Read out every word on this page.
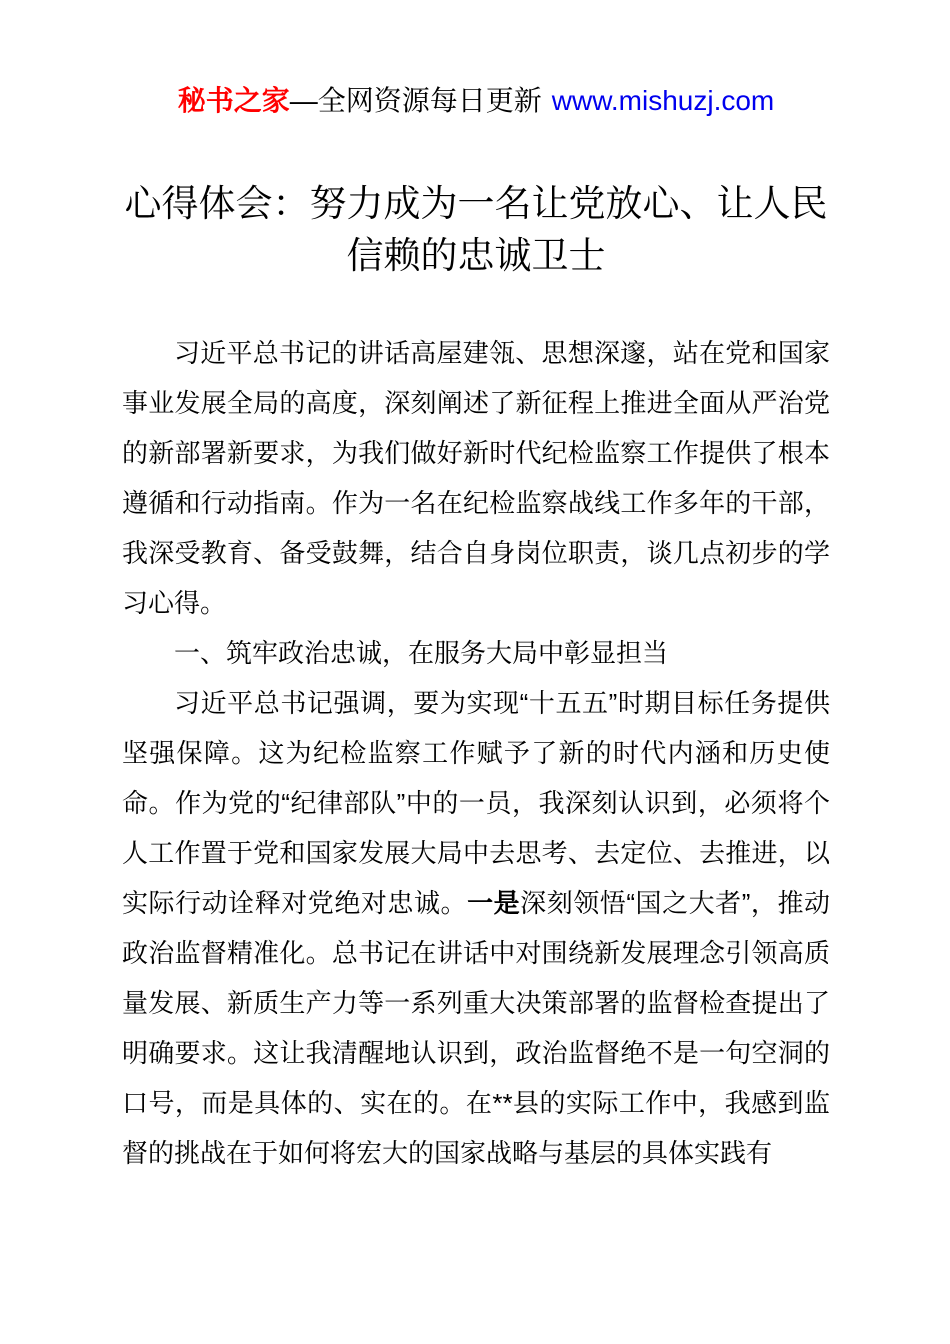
秘书之家—全网资源每日更新 www.mishuzj.com
心得体会：努力成为一名让党放心、让人民
信赖的忠诚卫士

习近平总书记的讲话高屋建瓴、思想深邃，站在党和国家事业发展全局的高度，深刻阐述了新征程上推进全面从严治党的新部署新要求，为我们做好新时代纪检监察工作提供了根本遵循和行动指南。作为一名在纪检监察战线工作多年的干部，我深受教育、备受鼓舞，结合自身岗位职责，谈几点初步的学习心得。

一、筑牢政治忠诚，在服务大局中彰显担当

习近平总书记强调，要为实现“十五五”时期目标任务提供坚强保障。这为纪检监察工作赋予了新的时代内涵和历史使命。作为党的“纪律部队”中的一员，我深刻认识到，必须将个人工作置于党和国家发展大局中去思考、去定位、去推进，以实际行动诠释对党绝对忠诚。一是深刻领悟“国之大者”，推动政治监督精准化。总书记在讲话中对围绕新发展理念引领高质量发展、新质生产力等一系列重大决策部署的监督检查提出了明确要求。这让我清醒地认识到，政治监督绝不是一句空洞的口号，而是具体的、实在的。在**县的实际工作中，我感到监督的挑战在于如何将宏大的国家战略与基层的具体实践有
